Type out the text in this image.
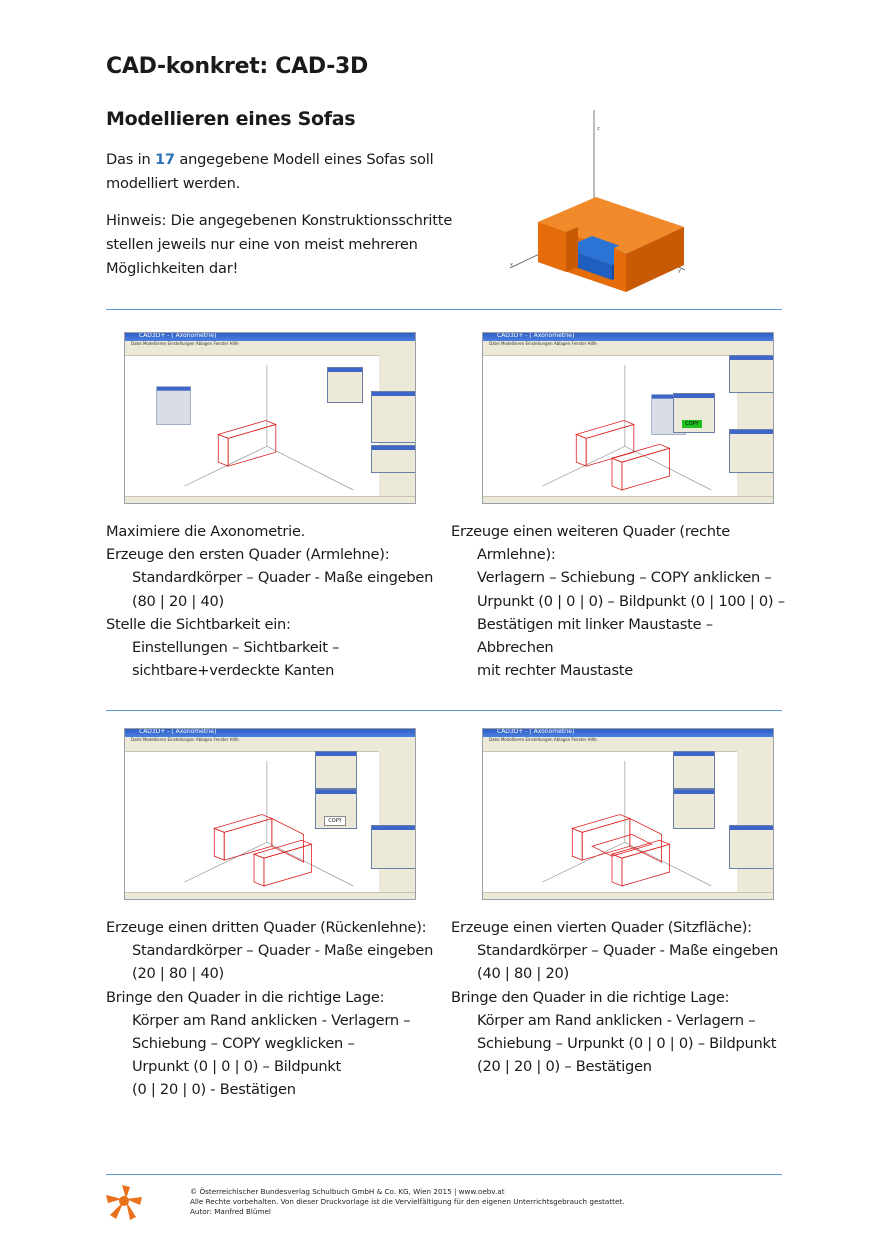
CAD-konkret: CAD-3D
Modellieren eines Sofas
Das in 17 angegebene Modell eines Sofas soll modelliert werden.
Hinweis: Die angegebenen Konstruktionsschritte stellen jeweils nur eine von meist mehreren Möglichkeiten dar!
z
x
y
CAD3D+ - [ Axonometrie]
Datei Modellieren Einstellungen Ablagen Fenster Hilfe
CAD3D+ - [ Axonometrie]
Datei Modellieren Einstellungen Ablagen Fenster Hilfe
COPY
Maximiere die Axonometrie.
Erzeuge den ersten Quader (Armlehne):
Standardkörper – Quader - Maße eingeben
(80 | 20 | 40)
Stelle die Sichtbarkeit ein:
Einstellungen – Sichtbarkeit –
sichtbare+verdeckte Kanten
Erzeuge einen weiteren Quader (rechte
Armlehne):
Verlagern – Schiebung – COPY anklicken –
Urpunkt (0 | 0 | 0) – Bildpunkt (0 | 100 | 0) –
Bestätigen mit linker Maustaste – Abbrechen
mit rechter Maustaste
CAD3D+ - [ Axonometrie]
Datei Modellieren Einstellungen Ablagen Fenster Hilfe
COPY
CAD3D+ - [ Axonometrie]
Datei Modellieren Einstellungen Ablagen Fenster Hilfe
Erzeuge einen dritten Quader (Rückenlehne):
Standardkörper – Quader - Maße eingeben
(20 | 80 | 40)
Bringe den Quader in die richtige Lage:
Körper am Rand anklicken - Verlagern –
Schiebung – COPY wegklicken –
Urpunkt (0 | 0 | 0) – Bildpunkt
(0 | 20 | 0) - Bestätigen
Erzeuge einen vierten Quader (Sitzfläche):
Standardkörper – Quader - Maße eingeben
(40 | 80 | 20)
Bringe den Quader in die richtige Lage:
Körper am Rand anklicken - Verlagern –
Schiebung – Urpunkt (0 | 0 | 0) – Bildpunkt
(20 | 20 | 0) – Bestätigen
© Österreichischer Bundesverlag Schulbuch GmbH & Co. KG, Wien 2015 | www.oebv.at
Alle Rechte vorbehalten. Von dieser Druckvorlage ist die Vervielfältigung für den eigenen Unterrichtsgebrauch gestattet.
Autor: Manfred Blümel
